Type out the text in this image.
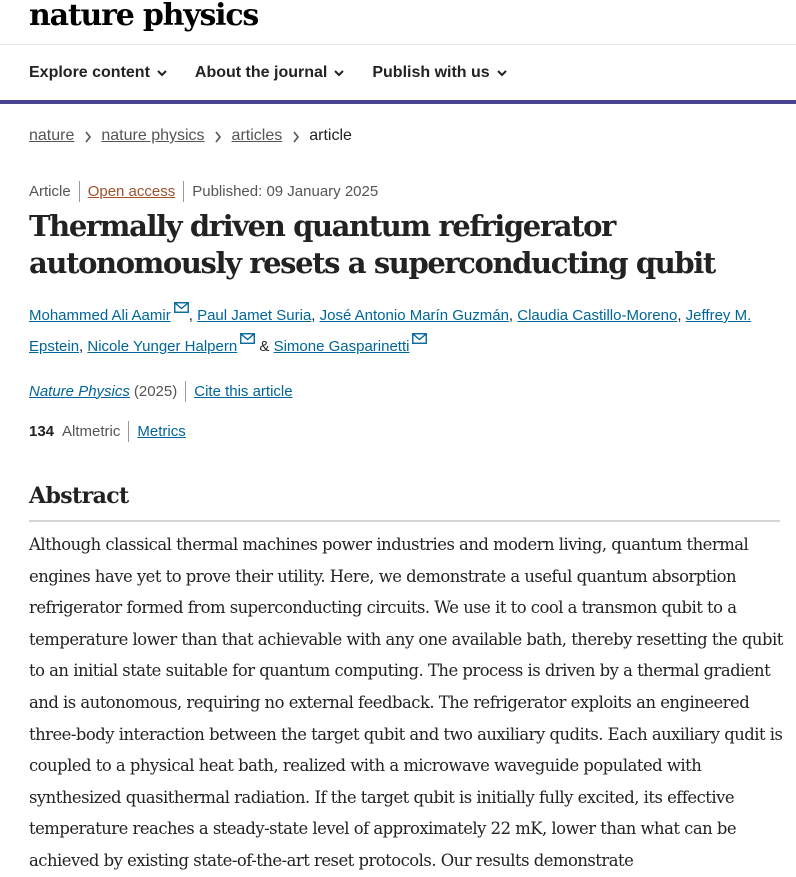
nature physics
Explore content	About the journal	Publish with us
nature nature physics articles article
Article Open access Published: 09 January 2025
Thermally driven quantum refrigerator autonomously resets a superconducting qubit
Mohammed Ali Aamir , Paul Jamet Suria, José Antonio Marín Guzmán, Claudia Castillo-Moreno, Jeffrey M. Epstein, Nicole Yunger Halpern & Simone Gasparinetti
Nature Physics (2025) Cite this article
134 Altmetric Metrics
Abstract

Although classical thermal machines power industries and modern living, quantum thermal engines have yet to prove their utility. Here, we demonstrate a useful quantum absorption refrigerator formed from superconducting circuits. We use it to cool a transmon qubit to a temperature lower than that achievable with any one available bath, thereby resetting the qubit to an initial state suitable for quantum computing. The process is driven by a thermal gradient and is autonomous, requiring no external feedback. The refrigerator exploits an engineered three-body interaction between the target qubit and two auxiliary qudits. Each auxiliary qudit is coupled to a physical heat bath, realized with a microwave waveguide populated with synthesized quasithermal radiation. If the target qubit is initially fully excited, its effective temperature reaches a steady-state level of approximately 22 mK, lower than what can be achieved by existing state-of-the-art reset protocols. Our results demonstrate
